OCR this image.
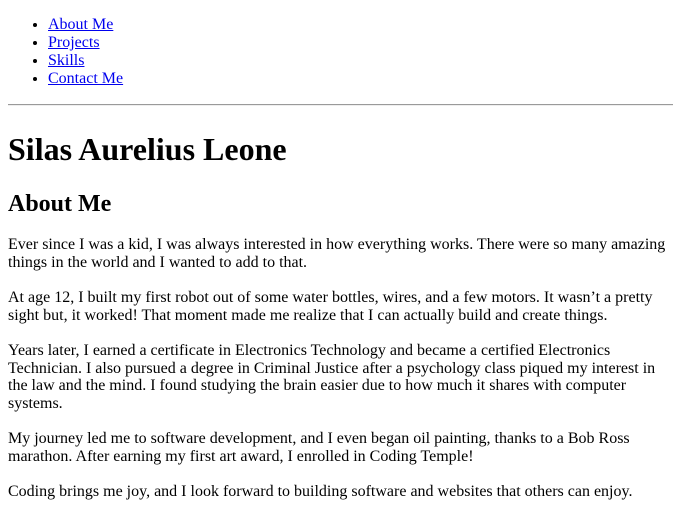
• About Me
• Projects
• Skills
• Contact Me
Silas Aurelius Leone
About Me

Ever since I was a kid, I was always interested in how everything works. There were so many amazing things in the world and I wanted to add to that.

At age 12, I built my first robot out of some water bottles, wires, and a few motors. It wasn’t a pretty sight but, it worked! That moment made me realize that I can actually build and create things.

Years later, I earned a certificate in Electronics Technology and became a certified Electronics Technician. I also pursued a degree in Criminal Justice after a psychology class piqued my interest in the law and the mind. I found studying the brain easier due to how much it shares with computer systems.

My journey led me to software development, and I even began oil painting, thanks to a Bob Ross marathon. After earning my first art award, I enrolled in Coding Temple!

Coding brings me joy, and I look forward to building software and websites that others can enjoy.
